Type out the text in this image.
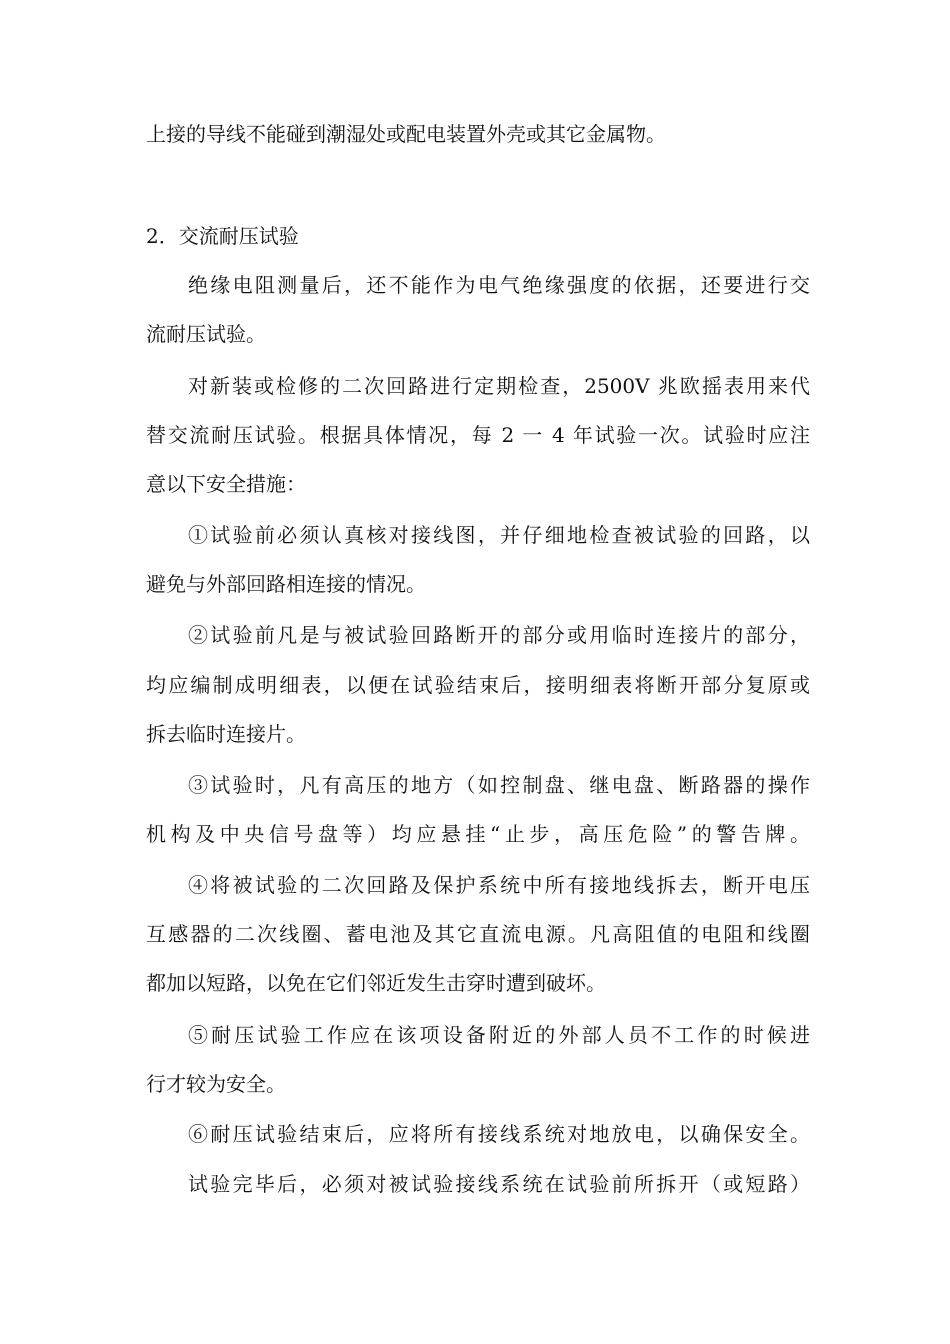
上接的导线不能碰到潮湿处或配电装置外壳或其它金属物。
2．交流耐压试验
绝缘电阻测量后，还不能作为电气绝缘强度的依据，还要进行交
流耐压试验。
对新装或检修的二次回路进行定期检查，2500V 兆欧摇表用来代
替交流耐压试验。根据具体情况，每 2 一 4 年试验一次。试验时应注
意以下安全措施：
①试验前必须认真核对接线图，并仔细地检查被试验的回路，以
避免与外部回路相连接的情况。
②试验前凡是与被试验回路断开的部分或用临时连接片的部分，
均应编制成明细表，以便在试验结束后，接明细表将断开部分复原或
拆去临时连接片。
③试验时，凡有高压的地方（如控制盘、继电盘、断路器的操作
机构及中央信号盘等）均应悬挂“止步，高压危险”的警告牌。
④将被试验的二次回路及保护系统中所有接地线拆去，断开电压
互感器的二次线圈、蓄电池及其它直流电源。凡高阻值的电阻和线圈
都加以短路，以免在它们邻近发生击穿时遭到破坏。
⑤耐压试验工作应在该项设备附近的外部人员不工作的时候进
行才较为安全。
⑥耐压试验结束后，应将所有接线系统对地放电，以确保安全。
试验完毕后，必须对被试验接线系统在试验前所拆开（或短路）
